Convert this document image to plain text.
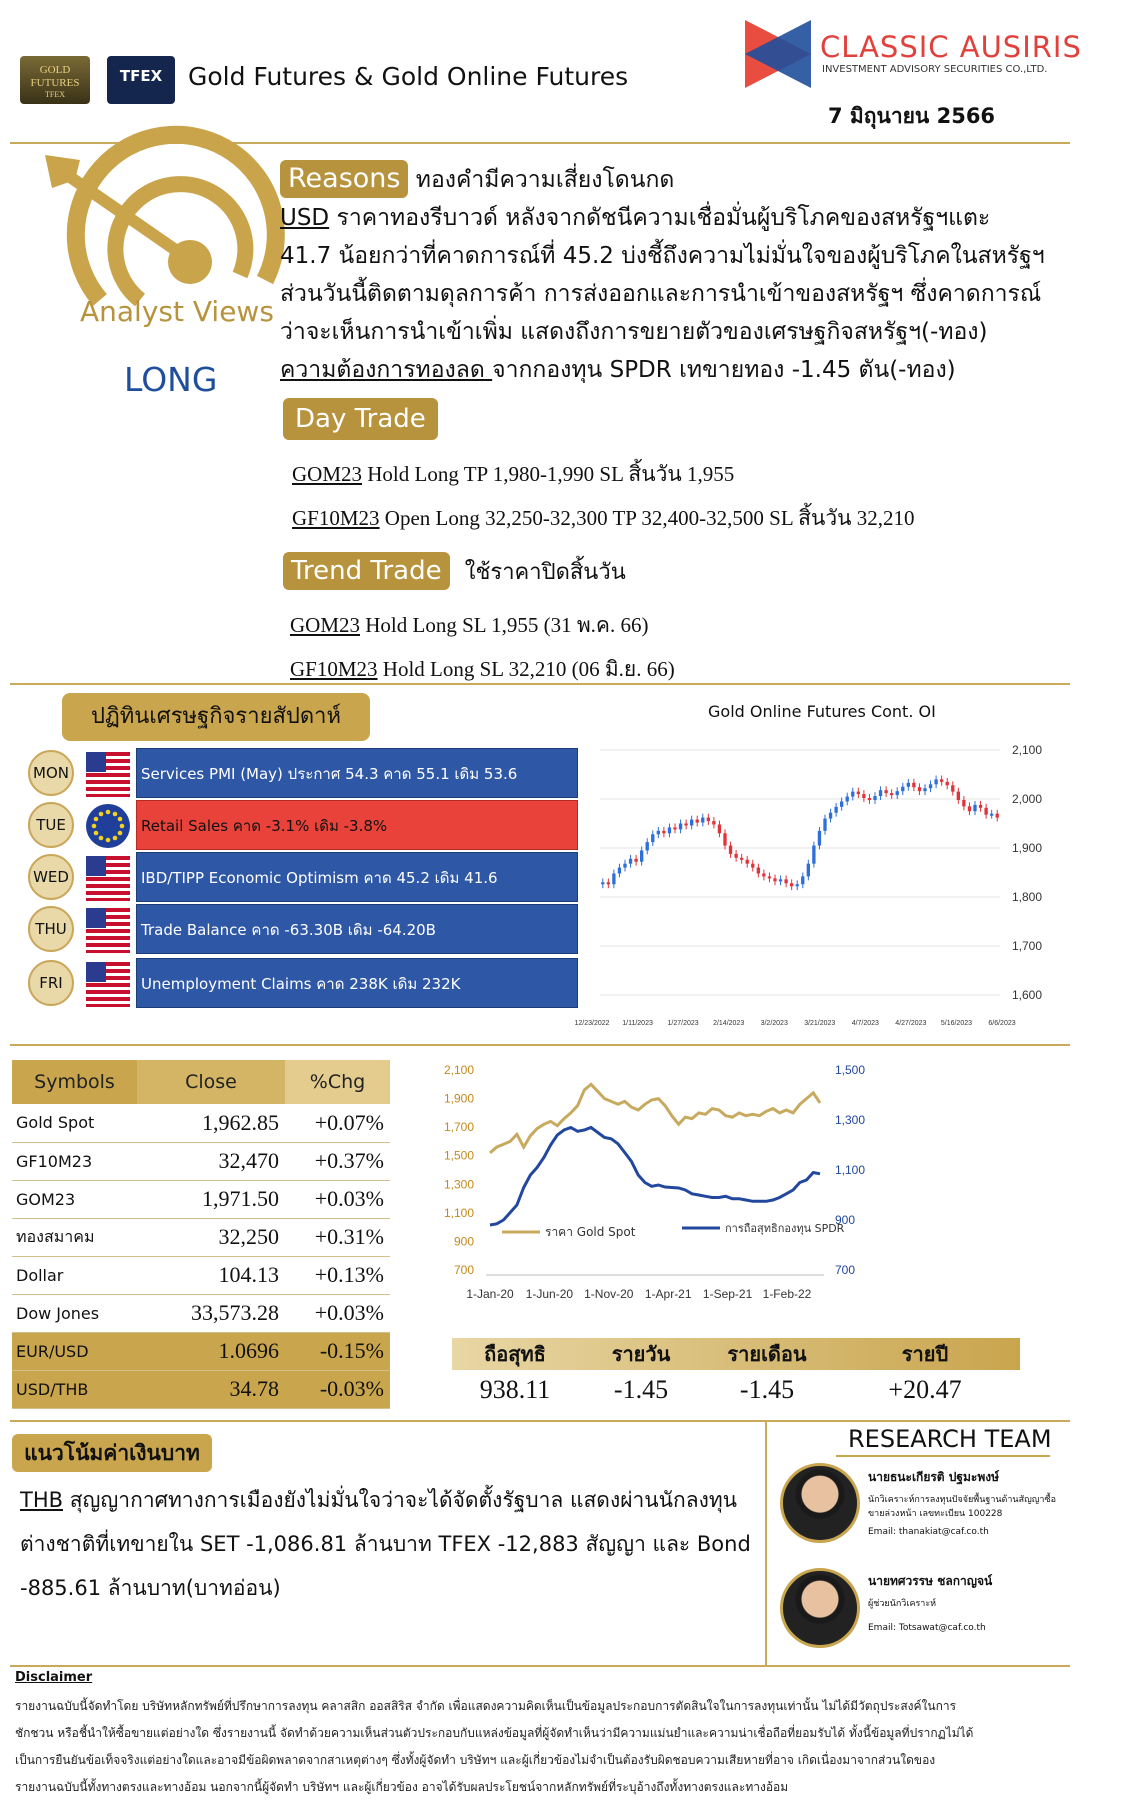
GOLD FUTURES
TFEX
TFEX	Gold Futures & Gold Online Futures
CLASSIC AUSIRIS
INVESTMENT ADVISORY SECURITIES CO.,LTD.
7 มิถุนายน 2566
Analyst Views
LONG
Reasons ทองคำมีความเสี่ยงโดนกด
USD ราคาทองรีบาวด์ หลังจากดัชนีความเชื่อมั่นผู้บริโภคของสหรัฐฯแตะ
41.7 น้อยกว่าที่คาดการณ์ที่ 45.2 บ่งชี้ถึงความไม่มั่นใจของผู้บริโภคในสหรัฐฯ
ส่วนวันนี้ติดตามดุลการค้า การส่งออกและการนำเข้าของสหรัฐฯ ซึ่งคาดการณ์
ว่าจะเห็นการนำเข้าเพิ่ม แสดงถึงการขยายตัวของเศรษฐกิจสหรัฐฯ(-ทอง)
ความต้องการทองลด จากกองทุน SPDR เทขายทอง -1.45 ตัน(-ทอง)
Day Trade
GOM23 Hold Long TP 1,980-1,990 SL สิ้นวัน 1,955
GF10M23 Open Long 32,250-32,300 TP 32,400-32,500 SL สิ้นวัน 32,210
Trend Trade ใช้ราคาปิดสิ้นวัน
GOM23 Hold Long SL 1,955 (31 พ.ค. 66)
GF10M23 Hold Long SL 32,210 (06 มิ.ย. 66)
ปฏิทินเศรษฐกิจรายสัปดาห์
MON	Services PMI (May) ประกาศ 54.3 คาด 55.1 เดิม 53.6
TUE	Retail Sales คาด -3.1% เดิม -3.8%
WED	IBD/TIPP Economic Optimism คาด 45.2 เดิม 41.6
THU	Trade Balance คาด -63.30B เดิม -64.20B
FRI	Unemployment Claims คาด 238K เดิม 232K
Gold Online Futures Cont. OI
2,100
2,000
1,900
1,800
1,700
1,600
12/23/2022 1/11/2023 1/27/2023 2/14/2023 3/2/2023 3/21/2023 4/7/2023 4/27/2023 5/16/2023 6/6/2023
Symbols	Close	%Chg
Gold Spot	1,962.85	+0.07%
GF10M23	32,470	+0.37%
GOM23	1,971.50	+0.03%
ทองสมาคม	32,250	+0.31%
Dollar	104.13	+0.13%
Dow Jones	33,573.28	+0.03%
EUR/USD	1.0696	-0.15%
USD/THB	34.78	-0.03%
2,100
1,900
1,700
1,500
1,300
1,100
900
700
1,500
1,300
1,100
900
700
1-Jan-20 1-Jun-20 1-Nov-20 1-Apr-21 1-Sep-21 1-Feb-22
ราคา Gold Spot	การถือสุทธิกองทุน SPDR
ถือสุทธิ	รายวัน	รายเดือน	รายปี
938.11	-1.45	-1.45	+20.47
แนวโน้มค่าเงินบาท
THB สุญญากาศทางการเมืองยังไม่มั่นใจว่าจะได้จัดตั้งรัฐบาล แสดงผ่านนักลงทุน
ต่างชาติที่เทขายใน SET -1,086.81 ล้านบาท TFEX -12,883 สัญญา และ Bond
-885.61 ล้านบาท(บาทอ่อน)
RESEARCH TEAM
นายธนะเกียรติ ปฐมะพงษ์
นักวิเคราะห์การลงทุนปัจจัยพื้นฐานด้านสัญญาซื้อขายล่วงหน้า เลขทะเบียน 100228
Email: thanakiat@caf.co.th
นายทศวรรษ ชลกาญจน์
ผู้ช่วยนักวิเคราะห์
Email: Totsawat@caf.co.th
Disclaimer
รายงานฉบับนี้จัดทำโดย บริษัทหลักทรัพย์ที่ปรึกษาการลงทุน คลาสสิก ออสสิริส จำกัด เพื่อแสดงความคิดเห็นเป็นข้อมูลประกอบการตัดสินใจในการลงทุนเท่านั้น ไม่ได้มีวัตถุประสงค์ในการ
ชักชวน หรือชี้นำให้ซื้อขายแต่อย่างใด ซึ่งรายงานนี้ จัดทำด้วยความเห็นส่วนตัวประกอบกับแหล่งข้อมูลที่ผู้จัดทำเห็นว่ามีความแม่นยำและความน่าเชื่อถือที่ยอมรับได้ ทั้งนี้ข้อมูลที่ปรากฏไม่ได้
เป็นการยืนยันข้อเท็จจริงแต่อย่างใดและอาจมีข้อผิดพลาดจากสาเหตุต่างๆ ซึ่งทั้งผู้จัดทำ บริษัทฯ และผู้เกี่ยวข้องไม่จำเป็นต้องรับผิดชอบความเสียหายที่อาจ เกิดเนื่องมาจากส่วนใดของ
รายงานฉบับนี้ทั้งทางตรงและทางอ้อม นอกจากนี้ผู้จัดทำ บริษัทฯ และผู้เกี่ยวข้อง อาจได้รับผลประโยชน์จากหลักทรัพย์ที่ระบุอ้างถึงทั้งทางตรงและทางอ้อม
